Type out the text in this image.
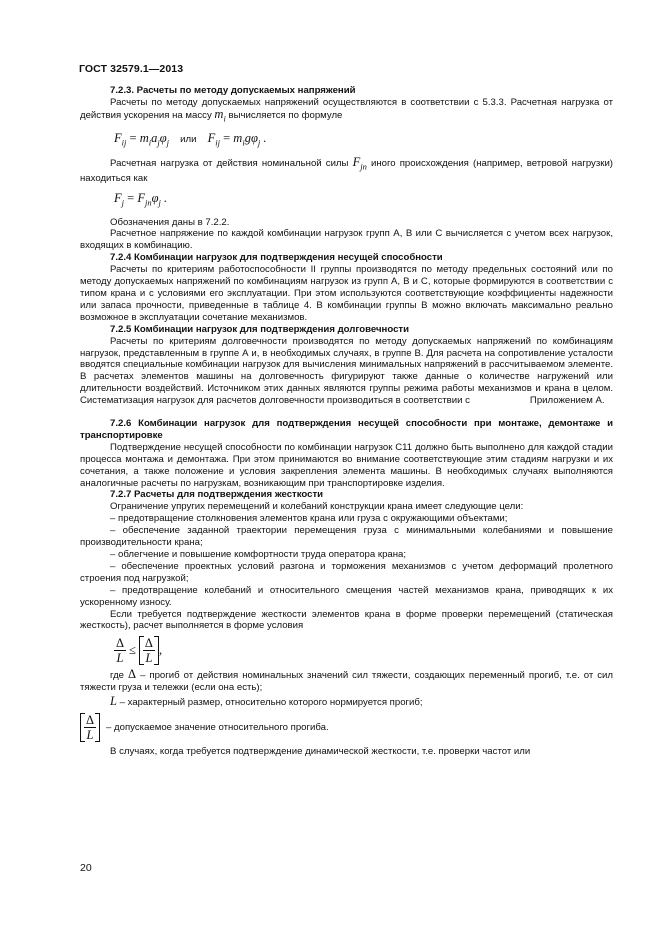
ГОСТ 32579.1—2013

7.2.3. Расчеты по методу допускаемых напряжений

Расчеты по методу допускаемых напряжений осуществляются в соответствии с 5.3.3. Расчетная нагрузка от действия ускорения на массу $m_i$ вычисляется по формуле

$F_{ij} = m_ia_j\varphi_j$ или $F_{ij} = m_ig\varphi_j$ .

Расчетная нагрузка от действия номинальной силы $F_{jn}$ иного происхождения (например, ветровой нагрузки) находиться как

$F_j = F_{jn}\varphi_j$ .

Обозначения даны в 7.2.2.

Расчетное напряжение по каждой комбинации нагрузок групп А, В или С вычисляется с учетом всех нагрузок, входящих в комбинацию.

7.2.4 Комбинации нагрузок для подтверждения несущей способности

Расчеты по критериям работоспособности II группы производятся по методу предельных состояний или по методу допускаемых напряжений по комбинациям нагрузок из групп А, В и С, которые формируются в соответствии с типом крана и с условиями его эксплуатации. При этом используются соответствующие коэффициенты надежности или запаса прочности, приведенные в таблице 4. В комбинации группы В можно включать максимально реально возможное в эксплуатации сочетание механизмов.

7.2.5 Комбинации нагрузок для подтверждения долговечности

Расчеты по критериям долговечности производятся по методу допускаемых напряжений по комбинациям нагрузок, представленным в группе А и, в необходимых случаях, в группе В. Для расчета на сопротивление усталости вводятся специальные комбинации нагрузок для вычисления минимальных напряжений в рассчитываемом элементе. В расчетах элементов машины на долговечность фигурируют также данные о количестве нагружений или длительности воздействий. Источником этих данных являются группы режима работы механизмов и крана в целом. Систематизация нагрузок для расчетов долговечности производиться в соответствии с	Приложением А.

7.2.6 Комбинации нагрузок для подтверждения несущей способности при монтаже, демонтаже и транспортировке

Подтверждение несущей способности по комбинации нагрузок С11 должно быть выполнено для каждой стадии процесса монтажа и демонтажа. При этом принимаются во внимание соответствующие этим стадиям нагрузки и их сочетания, а также положение и условия закрепления элемента машины. В необходимых случаях выполняются аналогичные расчеты по нагрузкам, возникающим при транспортировке изделия.

7.2.7 Расчеты для подтверждения жесткости

Ограничение упругих перемещений и колебаний конструкции крана имеет следующие цели:

– предотвращение столкновения элементов крана или груза с окружающими объектами;

– обеспечение заданной траектории перемещения груза с минимальными колебаниями и повышение производительности крана;

– облегчение и повышение комфортности труда оператора крана;

– обеспечение проектных условий разгона и торможения механизмов с учетом деформаций пролетного строения под нагрузкой;

– предотвращение колебаний и относительного смещения частей механизмов крана, приводящих к их ускоренному износу.

Если требуется подтверждение жесткости элементов крана в форме проверки перемещений (статическая жесткость), расчет выполняется в форме условия

$\frac{\Delta}{L} \le \frac{\Delta}{L}$ ,

где Δ – прогиб от действия номинальных значений сил тяжести, создающих переменный прогиб, т.е. от сил тяжести груза и тележки (если она есть);

L – характерный размер, относительно которого нормируется прогиб;

$\frac{\Delta}{L}$ – допускаемое значение относительного прогиба.

В случаях, когда требуется подтверждение динамической жесткости, т.е. проверки частот или

20
